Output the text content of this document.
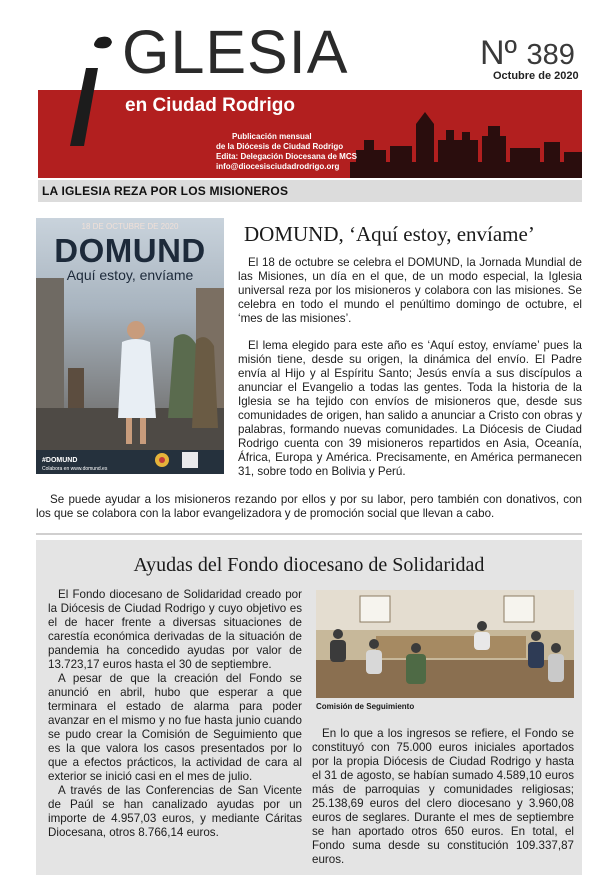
GLESIA	Nº 389
Octubre de 2020
en Ciudad Rodrigo
Publicación mensual
de la Diócesis de Ciudad Rodrigo
Edita: Delegación Diocesana de MCS
info@diocesisciudadrodrigo.org
LA IGLESIA REZA POR LOS MISIONEROS
18 DE OCTUBRE DE 2020
DOMUND
Aquí estoy, envíame
#DOMUND
Colabora en www.domund.es
DOMUND, ‘Aquí estoy, envíame’
El 18 de octubre se celebra el DOMUND, la Jornada Mundial de las Misiones, un día en el que, de un modo especial, la Iglesia universal reza por los misioneros y colabora con las misiones. Se celebra en todo el mundo el penúltimo domingo de octubre, el ‘mes de las misiones’.
El lema elegido para este año es ‘Aquí estoy, envíame’ pues la misión tiene, desde su origen, la dinámica del envío. El Padre envía al Hijo y al Espíritu Santo; Jesús envía a sus discípulos a anunciar el Evangelio a todas las gentes. Toda la historia de la Iglesia se ha tejido con envíos de misioneros que, desde sus comunidades de origen, han salido a anunciar a Cristo con obras y palabras, formando nuevas comunidades. La Diócesis de Ciudad Rodrigo cuenta con 39 misioneros repartidos en Asia, Oceanía, África, Europa y América. Precisamente, en América permanecen 31, sobre todo en Bolivia y Perú.
Se puede ayudar a los misioneros rezando por ellos y por su labor, pero también con donativos, con los que se colabora con la labor evangelizadora y de promoción social que llevan a cabo.
Ayudas del Fondo diocesano de Solidaridad

El Fondo diocesano de Solidaridad creado por la Diócesis de Ciudad Rodrigo y cuyo objetivo es el de hacer frente a diversas situaciones de carestía económica derivadas de la situación de pandemia ha concedido ayudas por valor de 13.723,17 euros hasta el 30 de septiembre.

A pesar de que la creación del Fondo se anunció en abril, hubo que esperar a que terminara el estado de alarma para poder avanzar en el mismo y no fue hasta junio cuando se pudo crear la Comisión de Seguimiento que es la que valora los casos presentados por lo que a efectos prácticos, la actividad de cara al exterior se inició casi en el mes de julio.

A través de las Conferencias de San Vicente de Paúl se han canalizado ayudas por un importe de 4.957,03 euros, y mediante Cáritas Diocesana, otros 8.766,14 euros.

Comisión de Seguimiento
En lo que a los ingresos se refiere, el Fondo se constituyó con 75.000 euros iniciales aportados por la propia Diócesis de Ciudad Rodrigo y hasta el 31 de agosto, se habían sumado 4.589,10 euros más de parroquias y comunidades religiosas; 25.138,69 euros del clero diocesano y 3.960,08 euros de seglares. Durante el mes de septiembre se han aportado otros 650 euros. En total, el Fondo suma desde su constitución 109.337,87 euros.
